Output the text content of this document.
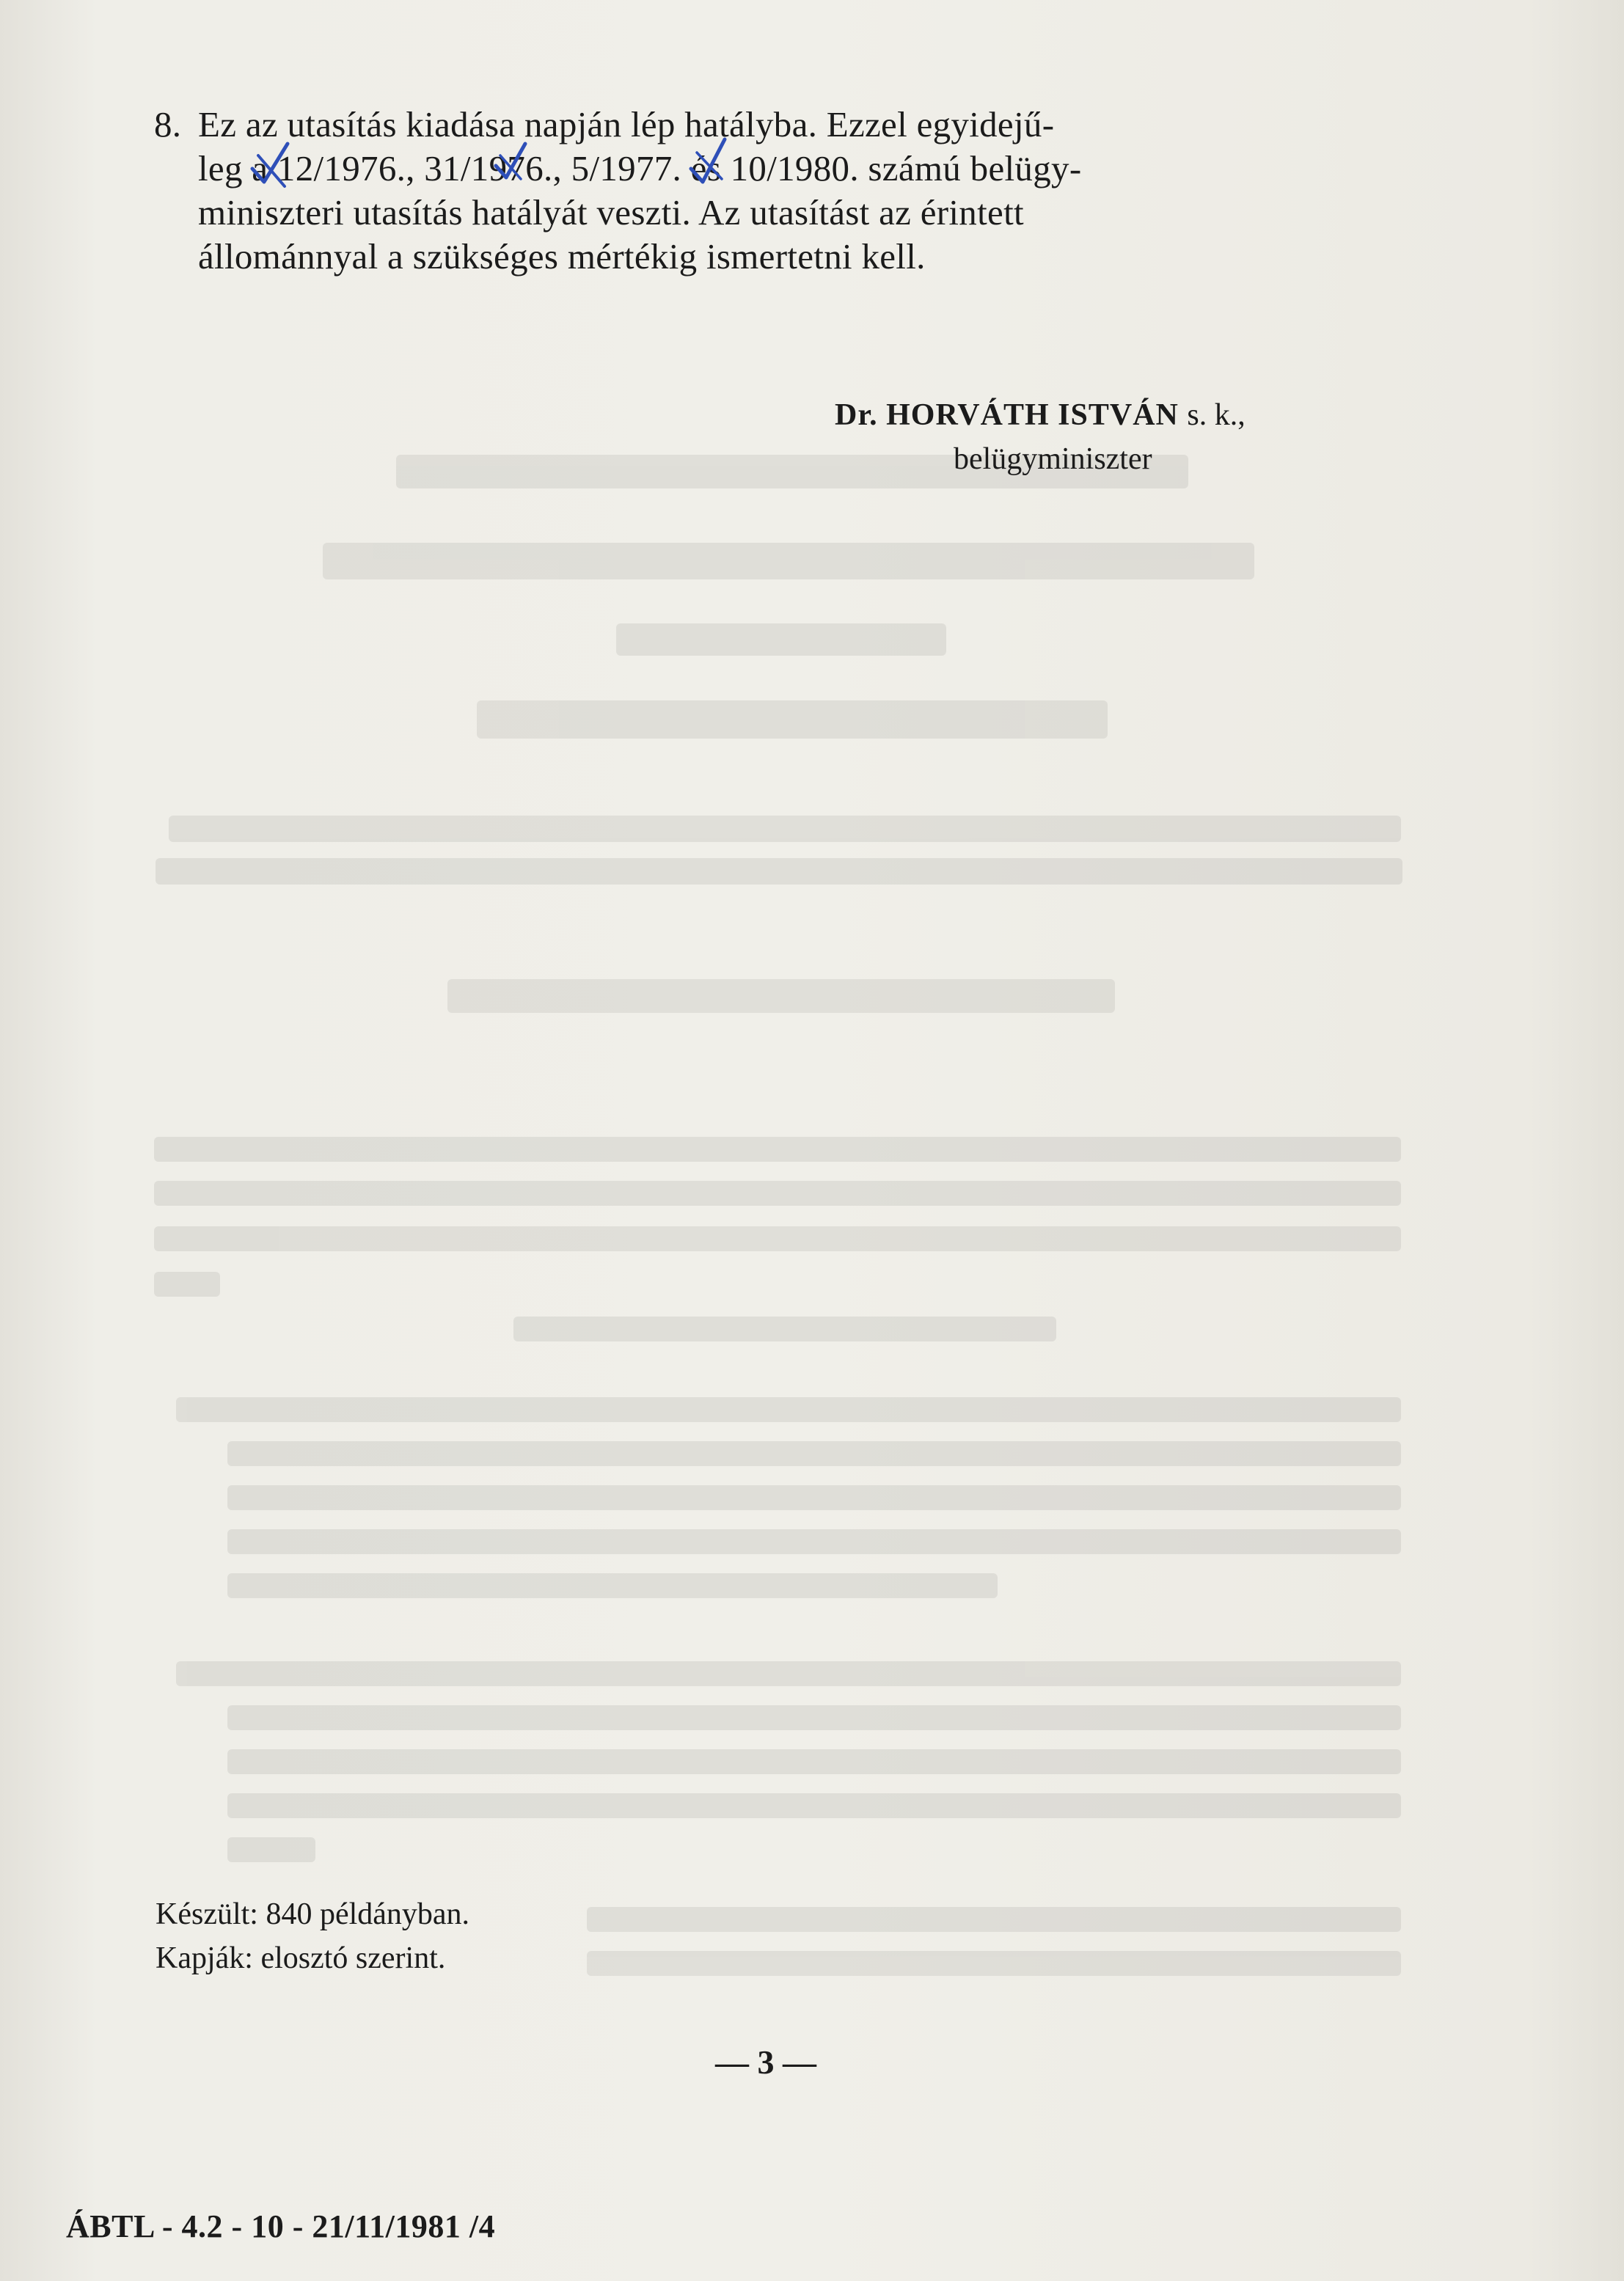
8. Ez az utasítás kiadása napján lép hatályba. Ezzel egyidejű-
leg a 12/1976., 31/1976., 5/1977. és 10/1980. számú belügy-
miniszteri utasítás hatályát veszti. Az utasítást az érintett
állománnyal a szükséges mértékig ismertetni kell.
Dr. HORVÁTH ISTVÁN s. k.,
belügyminiszter
Készült: 840 példányban.
Kapják: elosztó szerint.
— 3 —
ÁBTL - 4.2 - 10 - 21/11/1981 /4
